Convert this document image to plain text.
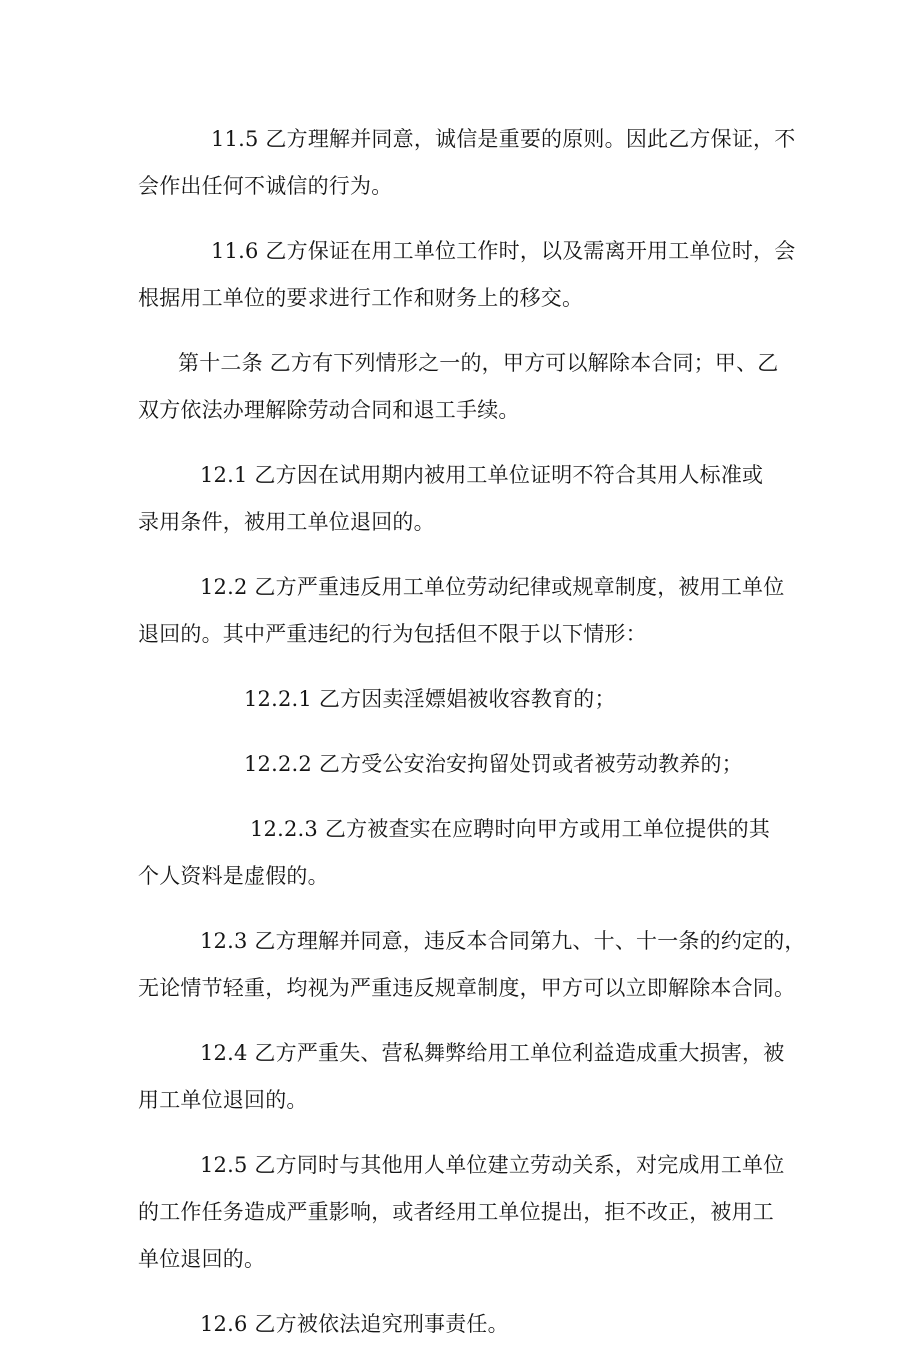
11.5 乙方理解并同意，诚信是重要的原则。因此乙方保证，不
会作出任何不诚信的行为。

11.6 乙方保证在用工单位工作时，以及需离开用工单位时，会
根据用工单位的要求进行工作和财务上的移交。

第十二条 乙方有下列情形之一的，甲方可以解除本合同；甲、乙
双方依法办理解除劳动合同和退工手续。

12.1 乙方因在试用期内被用工单位证明不符合其用人标准或
录用条件，被用工单位退回的。

12.2 乙方严重违反用工单位劳动纪律或规章制度，被用工单位
退回的。其中严重违纪的行为包括但不限于以下情形：

12.2.1 乙方因卖淫嫖娼被收容教育的；

12.2.2 乙方受公安治安拘留处罚或者被劳动教养的；

12.2.3 乙方被查实在应聘时向甲方或用工单位提供的其
个人资料是虚假的。

12.3 乙方理解并同意，违反本合同第九、十、十一条的约定的，
无论情节轻重，均视为严重违反规章制度，甲方可以立即解除本合同。

12.4 乙方严重失、营私舞弊给用工单位利益造成重大损害，被
用工单位退回的。

12.5 乙方同时与其他用人单位建立劳动关系，对完成用工单位
的工作任务造成严重影响，或者经用工单位提出，拒不改正，被用工
单位退回的。

12.6 乙方被依法追究刑事责任。
